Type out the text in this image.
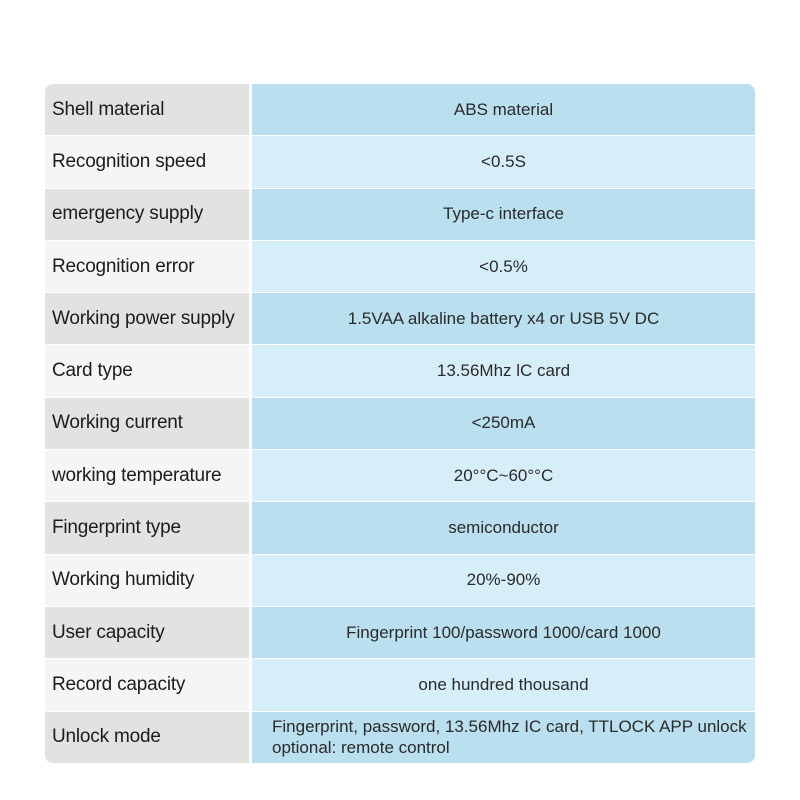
Shell material	ABS material
Recognition speed	<0.5S
emergency supply	Type-c interface
Recognition error	<0.5%
Working power supply	1.5VAA alkaline battery x4 or USB 5V DC
Card type	13.56Mhz lC card
Working current	<250mA
working temperature	20°°C~60°°C
Fingerprint type	semiconductor
Working humidity	20%-90%
User capacity	Fingerprint 100/password 1000/card 1000
Record capacity	one hundred thousand
Unlock mode	Fingerprint, password, 13.56Mhz IC card, TTLOCK APP unlock
optional: remote control
